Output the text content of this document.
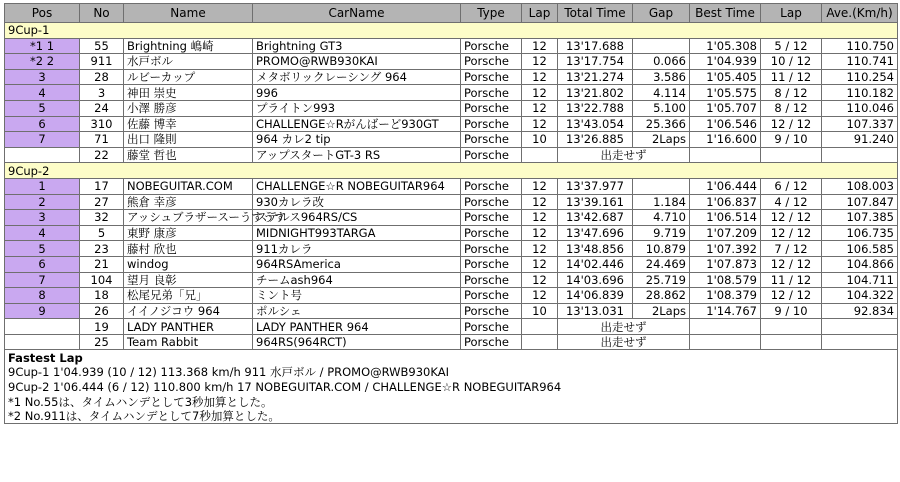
Pos	No	Name	CarName	Type	Lap	Total Time	Gap	Best Time	Lap	Ave.(Km/h)
9Cup-1										
*1 1	55	Brightning 嶋崎	Brightning GT3	Porsche	12	13'17.688		1'05.308	5 / 12	110.750
*2 2	911	水戸ボル	PROMO@RWB930KAI	Porsche	12	13'17.754	0.066	1'04.939	10 / 12	110.741
3	28	ルビーカップ	メタボリックレーシング 964	Porsche	12	13'21.274	3.586	1'05.405	11 / 12	110.254
4	3	神田 崇史	996	Porsche	12	13'21.802	4.114	1'05.575	8 / 12	110.182
5	24	小澤 勝彦	プライトン993	Porsche	12	13'22.788	5.100	1'05.707	8 / 12	110.046
6	310	佐藤 博幸	CHALLENGE☆Rがんばーど930GT	Porsche	12	13'43.054	25.366	1'06.546	12 / 12	107.337
7	71	出口 隆則	964 カレ2 tip	Porsche	10	13'26.885	2Laps	1'16.600	9 / 10	91.240
	22	藤堂 哲也	アップスタートGT-3 RS	Porsche		出走せず				
9Cup-2										
1	17	NOBEGUITAR.COM	CHALLENGE☆R NOBEGUITAR964	Porsche	12	13'37.977		1'06.444	6 / 12	108.003
2	27	熊倉 幸彦	930カレラ改	Porsche	12	13'39.161	1.184	1'06.837	4 / 12	107.847
3	32	アッシュブラザースーうすうす	ステルス964RS/CS	Porsche	12	13'42.687	4.710	1'06.514	12 / 12	107.385
4	5	東野 康彦	MIDNIGHT993TARGA	Porsche	12	13'47.696	9.719	1'07.209	12 / 12	106.735
5	23	藤村 欣也	911カレラ	Porsche	12	13'48.856	10.879	1'07.392	7 / 12	106.585
6	21	windog	964RSAmerica	Porsche	12	14'02.446	24.469	1'07.873	12 / 12	104.866
7	104	望月 良彰	チームash964	Porsche	12	14'03.696	25.719	1'08.579	11 / 12	104.711
8	18	松尾兄弟「兄」	ミント号	Porsche	12	14'06.839	28.862	1'08.379	12 / 12	104.322
9	26	イイノジコウ 964	ポルシェ	Porsche	10	13'13.031	2Laps	1'14.767	9 / 10	92.834
	19	LADY PANTHER	LADY PANTHER 964	Porsche		出走せず				
	25	Team Rabbit	964RS(964RCT)	Porsche		出走せず				
Fastest Lap										
9Cup-1 1'04.939 (10 / 12) 113.368 km/h 911 水戸ボル / PROMO@RWB930KAI										
9Cup-2 1'06.444 (6 / 12) 110.800 km/h 17 NOBEGUITAR.COM / CHALLENGE☆R NOBEGUITAR964										
*1 No.55は、タイムハンデとして3秒加算とした。										
*2 No.911は、タイムハンデとして7秒加算とした。										
